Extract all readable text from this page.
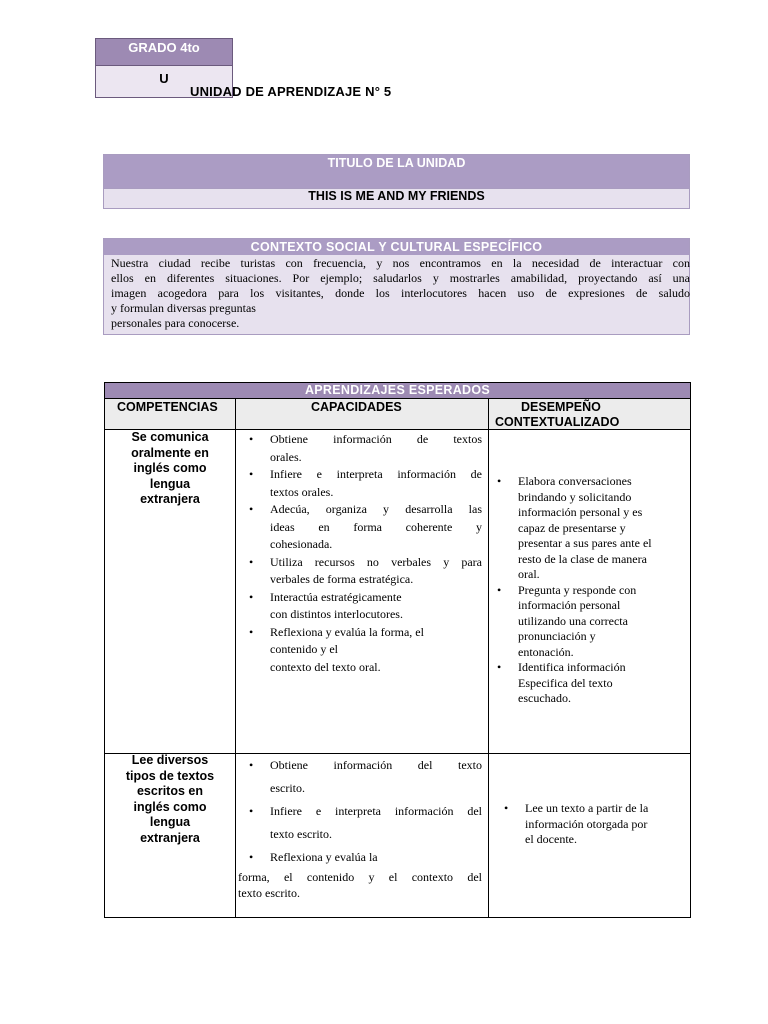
GRADO 4to
U
UNIDAD DE APRENDIZAJE N° 5
TITULO DE LA UNIDAD
THIS IS ME AND MY FRIENDS
CONTEXTO SOCIAL Y CULTURAL ESPECÍFICO
Nuestra ciudad recibe turistas con frecuencia, y nos encontramos en la necesidad de interactuar con
ellos en diferentes situaciones. Por ejemplo; saludarlos y mostrarles amabilidad, proyectando así una
imagen acogedora para los visitantes, donde los interlocutores hacen uso de expresiones de saludo
y formulan diversas preguntas
personales para conocerse.
APRENDIZAJES ESPERADOS
COMPETENCIAS	CAPACIDADES	DESEMPEÑO
CONTEXTUALIZADO
Se comunica
oralmente en
inglés como
lengua
extranjera
• Obtiene información de textos
orales.
• Infiere e interpreta información de
textos orales.
• Adecúa, organiza y desarrolla las
ideas en forma coherente y
cohesionada.
• Utiliza recursos no verbales y para
verbales de forma estratégica.
• Interactúa estratégicamente
con distintos interlocutores.
• Reflexiona y evalúa la forma, el
contenido y el
contexto del texto oral.
• Elabora conversaciones
brindando y solicitando
información personal y es
capaz de presentarse y
presentar a sus pares ante el
resto de la clase de manera
oral.
• Pregunta y responde con
información personal
utilizando una correcta
pronunciación y
entonación.
• Identifica información
Especifica del texto
escuchado.
Lee diversos
tipos de textos
escritos en
inglés como
lengua
extranjera
• Obtiene información del texto
escrito.
• Infiere e interpreta información del
texto escrito.
• Reflexiona y evalúa la
forma, el contenido y el contexto del
texto escrito.
• Lee un texto a partir de la
información otorgada por
el docente.
